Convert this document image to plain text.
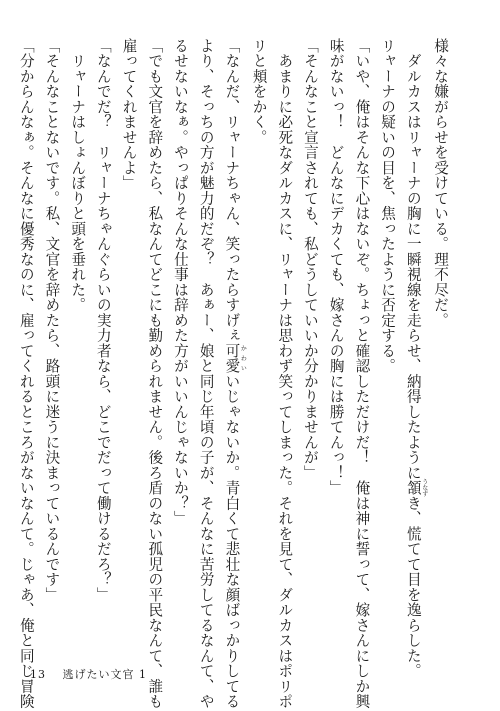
様々な嫌がらせを受けている。理不尽だ。
　ダルカスはリャーナの胸に一瞬視線を走らせ、納得したように頷 うなずき、慌てて目を逸らした。
リャーナの疑いの目を、焦ったように否定する。
「いや、俺はそんな下心はないぞ。ちょっと確認しただけだ！　俺は神に誓って、嫁さんにしか興
味がないっ！　どんなにデカくても、嫁さんの胸には勝てんっ！」
「そんなこと宣言されても、私どうしていいか分かりませんが」
　あまりに必死なダルカスに、リャーナは思わず笑ってしまった。それを見て、ダルカスはポリポ
リと頬をかく。
「なんだ、リャーナちゃん、笑ったらすげぇ可愛 かわいいじゃないか。青白くて悲壮な顔ばっかりしてる
より、そっちの方が魅力的だぞ？　あぁー、娘と同じ年頃の子が、そんなに苦労してるなんて、や
るせないなぁ。やっぱりそんな仕事は辞めた方がいいんじゃないか？」
「でも文官を辞めたら、私なんてどこにも勤められません。後ろ盾のない孤児の平民なんて、誰も
雇ってくれませんよ」
「なんでだ？　リャーナちゃんぐらいの実力者なら、どこでだって働けるだろ？」
　リャーナはしょんぼりと頭を垂れた。
「そんなことないです。私、文官を辞めたら、路頭に迷うに決まっているんです」
「分からんなぁ。そんなに優秀なのに、雇ってくれるところがないなんて。じゃあ、俺と同じ冒険
13 逃げたい文官 1
